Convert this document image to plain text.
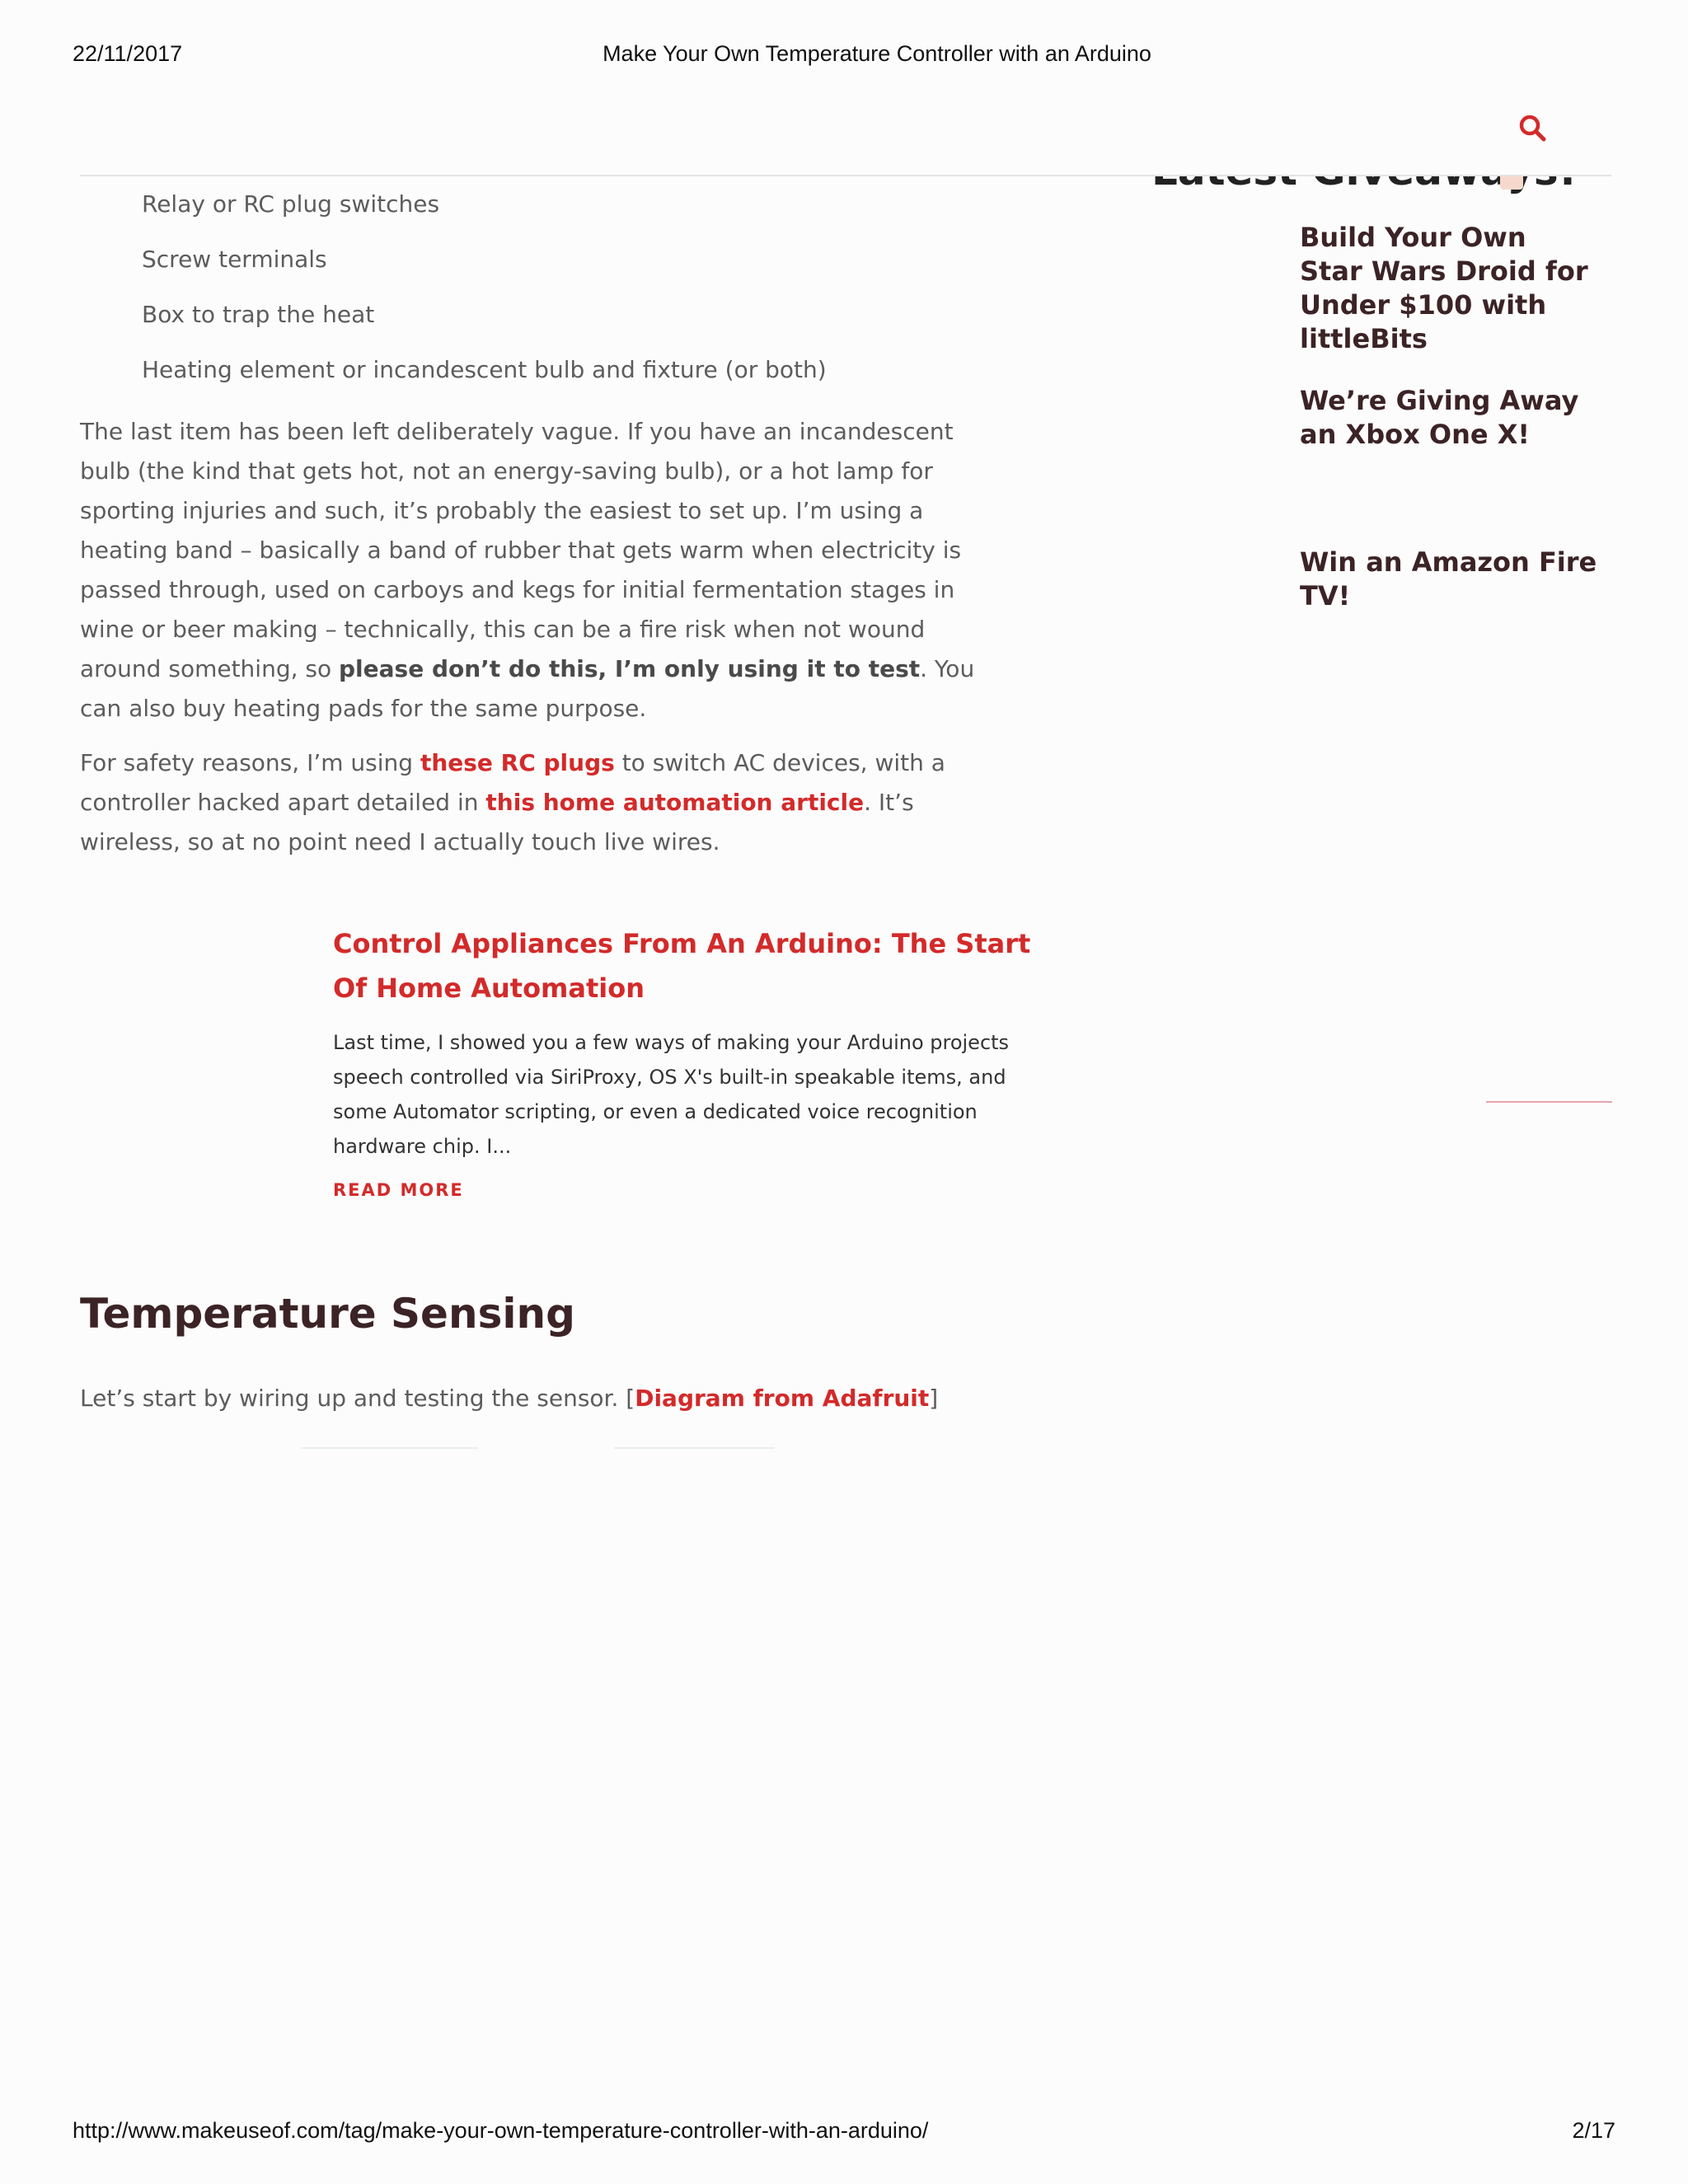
22/11/2017	Make Your Own Temperature Controller with an Arduino
Build Your Own Star Wars Droid for Under $100 with littleBits
We’re Giving Away an Xbox One X!
Win an Amazon Fire TV!
Relay or RC plug switches
Screw terminals
Box to trap the heat
Heating element or incandescent bulb and fixture (or both)

The last item has been left deliberately vague. If you have an incandescent bulb (the kind that gets hot, not an energy-saving bulb), or a hot lamp for sporting injuries and such, it’s probably the easiest to set up. I’m using a heating band – basically a band of rubber that gets warm when electricity is passed through, used on carboys and kegs for initial fermentation stages in wine or beer making – technically, this can be a fire risk when not wound around something, so please don’t do this, I’m only using it to test. You can also buy heating pads for the same purpose.

For safety reasons, I’m using these RC plugs to switch AC devices, with a controller hacked apart detailed in this home automation article. It’s wireless, so at no point need I actually touch live wires.

Control Appliances From An Arduino: The Start Of Home Automation
Last time, I showed you a few ways of making your Arduino projects speech controlled via SiriProxy, OS X's built-in speakable items, and some Automator scripting, or even a dedicated voice recognition hardware chip. I...
READ MORE
Temperature Sensing

Let’s start by wiring up and testing the sensor. [Diagram from Adafruit]

http://www.makeuseof.com/tag/make-your-own-temperature-controller-with-an-arduino/	2/17
